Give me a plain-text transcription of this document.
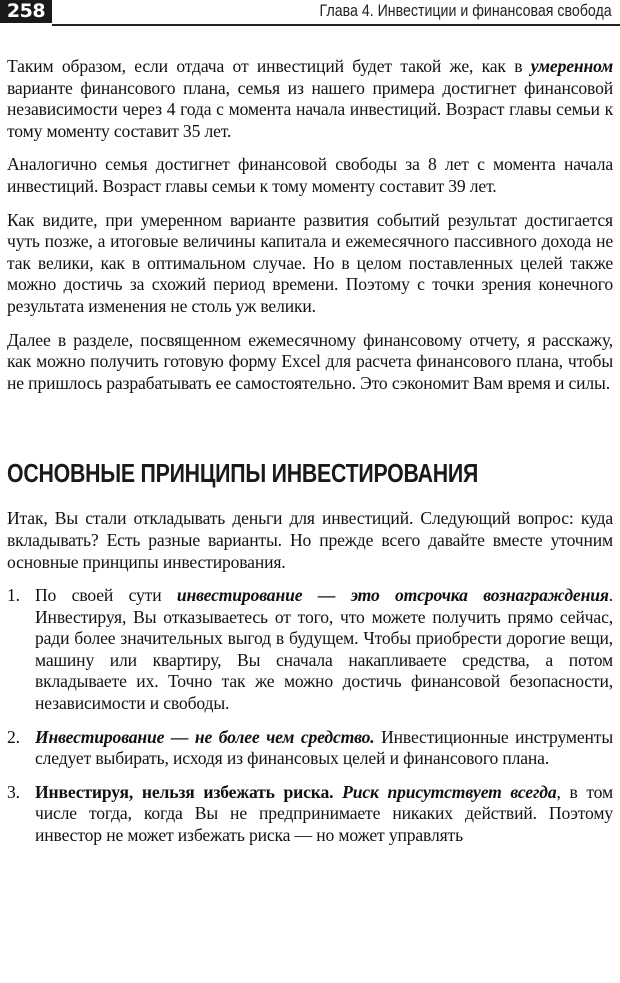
258	Глава 4. Инвестиции и финансовая свобода

Таким образом, если отдача от инвестиций будет такой же, как в умеренном варианте финансового плана, семья из нашего примера достигнет финансовой независимости через 4 года с момента начала инвестиций. Возраст главы семьи к тому моменту составит 35 лет.

Аналогично семья достигнет финансовой свободы за 8 лет с момента начала инвестиций. Возраст главы семьи к тому моменту составит 39 лет.

Как видите, при умеренном варианте развития событий результат достигается чуть позже, а итоговые величины капитала и ежемесячного пассивного дохода не так велики, как в оптимальном случае. Но в целом поставленных целей также можно достичь за схожий период времени. Поэтому с точки зрения конечного результата изменения не столь уж велики.

Далее в разделе, посвященном ежемесячному финансовому отчету, я расскажу, как можно получить готовую форму Excel для расчета финансового плана, чтобы не пришлось разрабатывать ее самостоятельно. Это сэкономит Вам время и силы.

ОСНОВНЫЕ ПРИНЦИПЫ ИНВЕСТИРОВАНИЯ

Итак, Вы стали откладывать деньги для инвестиций. Следующий вопрос: куда вкладывать? Есть разные варианты. Но прежде всего давайте вместе уточним основные принципы инвестирования.

1. По своей сути инвестирование — это отсрочка вознаграждения. Инвестируя, Вы отказываетесь от того, что можете получить прямо сейчас, ради более значительных выгод в будущем. Чтобы приобрести дорогие вещи, машину или квартиру, Вы сначала накапливаете средства, а потом вкладываете их. Точно так же можно достичь финансовой безопасности, независимости и свободы.
2. Инвестирование — не более чем средство. Инвестиционные инструменты следует выбирать, исходя из финансовых целей и финансового плана.
3. Инвестируя, нельзя избежать риска. Риск присутствует всегда, в том числе тогда, когда Вы не предпринимаете никаких действий. Поэтому инвестор не может избежать риска — но может управлять
